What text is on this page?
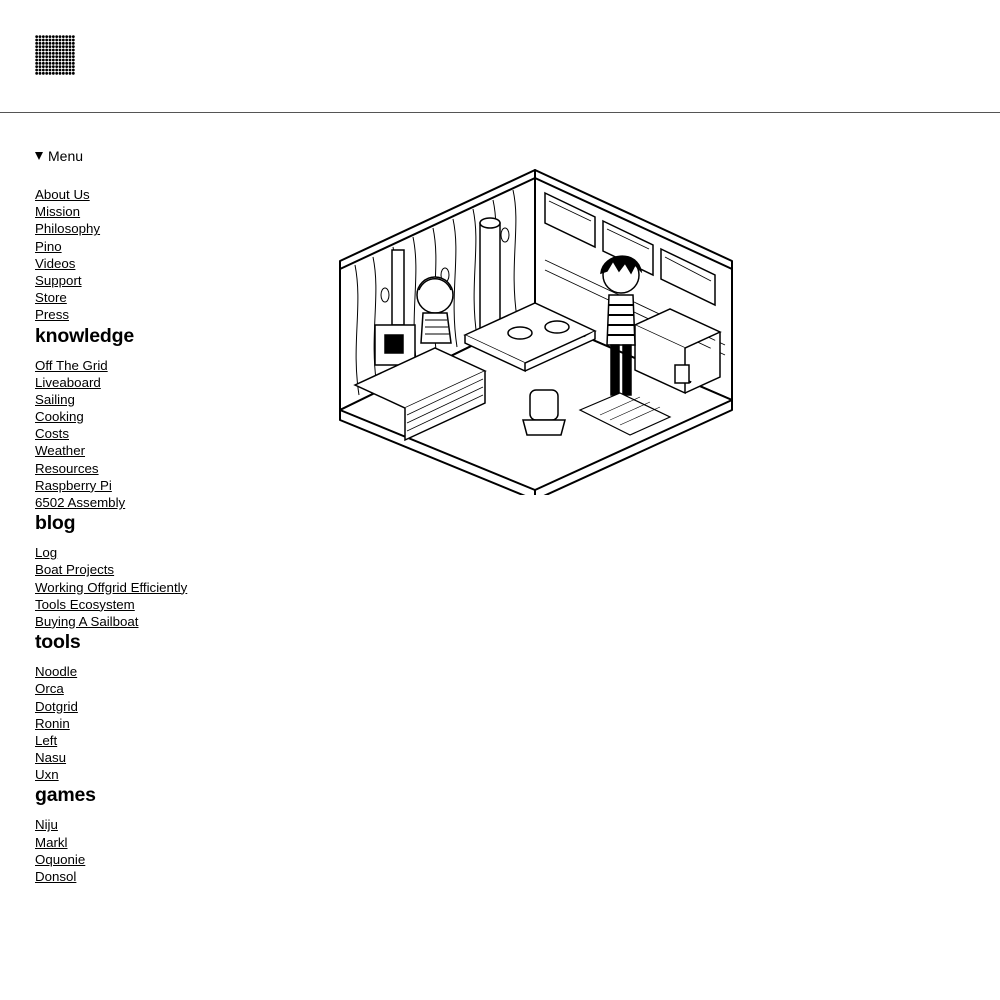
Menu
About Us
Mission
Philosophy
Pino
Videos
Support
Store
Press
knowledge
Off The Grid
Liveaboard
Sailing
Cooking
Costs
Weather
Resources
Raspberry Pi
6502 Assembly
blog
Log
Boat Projects
Working Offgrid Efficiently
Tools Ecosystem
Buying A Sailboat
tools
Noodle
Orca
Dotgrid
Ronin
Left
Nasu
Uxn
games
Niju
Markl
Oquonie
Donsol
